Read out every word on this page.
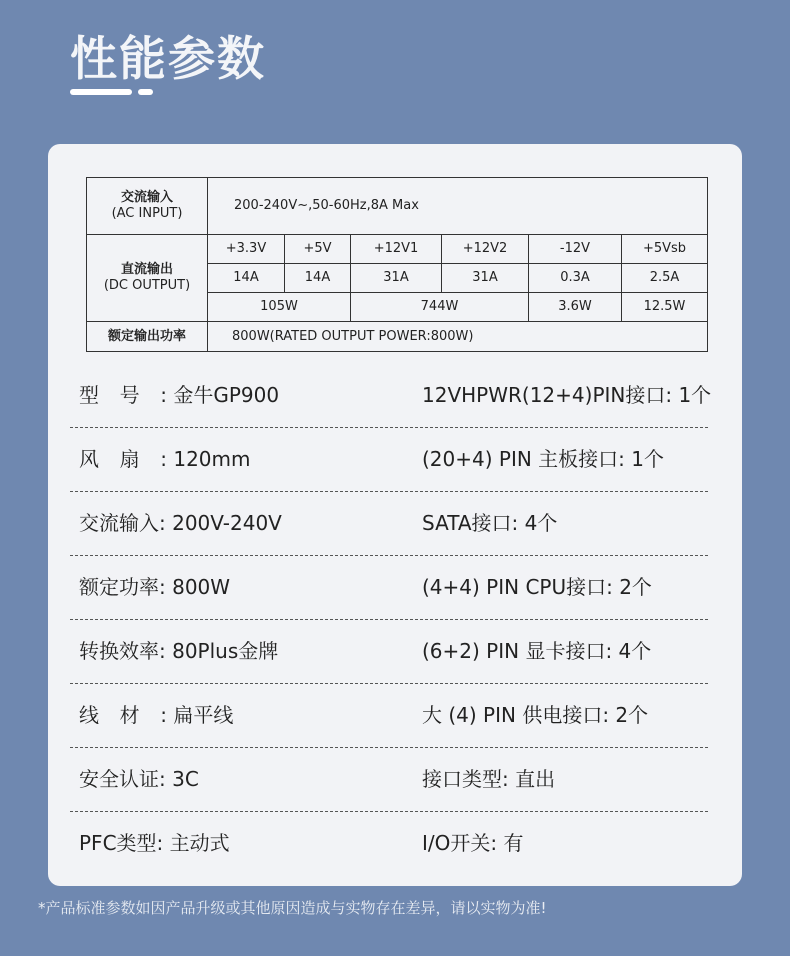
性能参数
交流输入
(AC INPUT)	200-240V~,50-60Hz,8A Max					

直流输出
(DC OUTPUT)	+3.3V	+5V	+12V1	+12V2	-12V	+5Vsb
	14A	14A	31A	31A	0.3A	2.5A
	105W		744W		3.6W	12.5W
额定输出功率	800W(RATED OUTPUT POWER:800W)					
型号: 金牛GP900	12VHPWR(12+4)PIN接口: 1个
风扇: 120mm	(20+4) PIN 主板接口: 1个
交流输入: 200V-240V	SATA接口: 4个
额定功率: 800W	(4+4) PIN CPU接口: 2个
转换效率: 80Plus金牌	(6+2) PIN 显卡接口: 4个
线材: 扁平线	大 (4) PIN 供电接口: 2个
安全认证: 3C	接口类型: 直出
PFC类型: 主动式	I/O开关: 有
*产品标准参数如因产品升级或其他原因造成与实物存在差异，请以实物为准!
